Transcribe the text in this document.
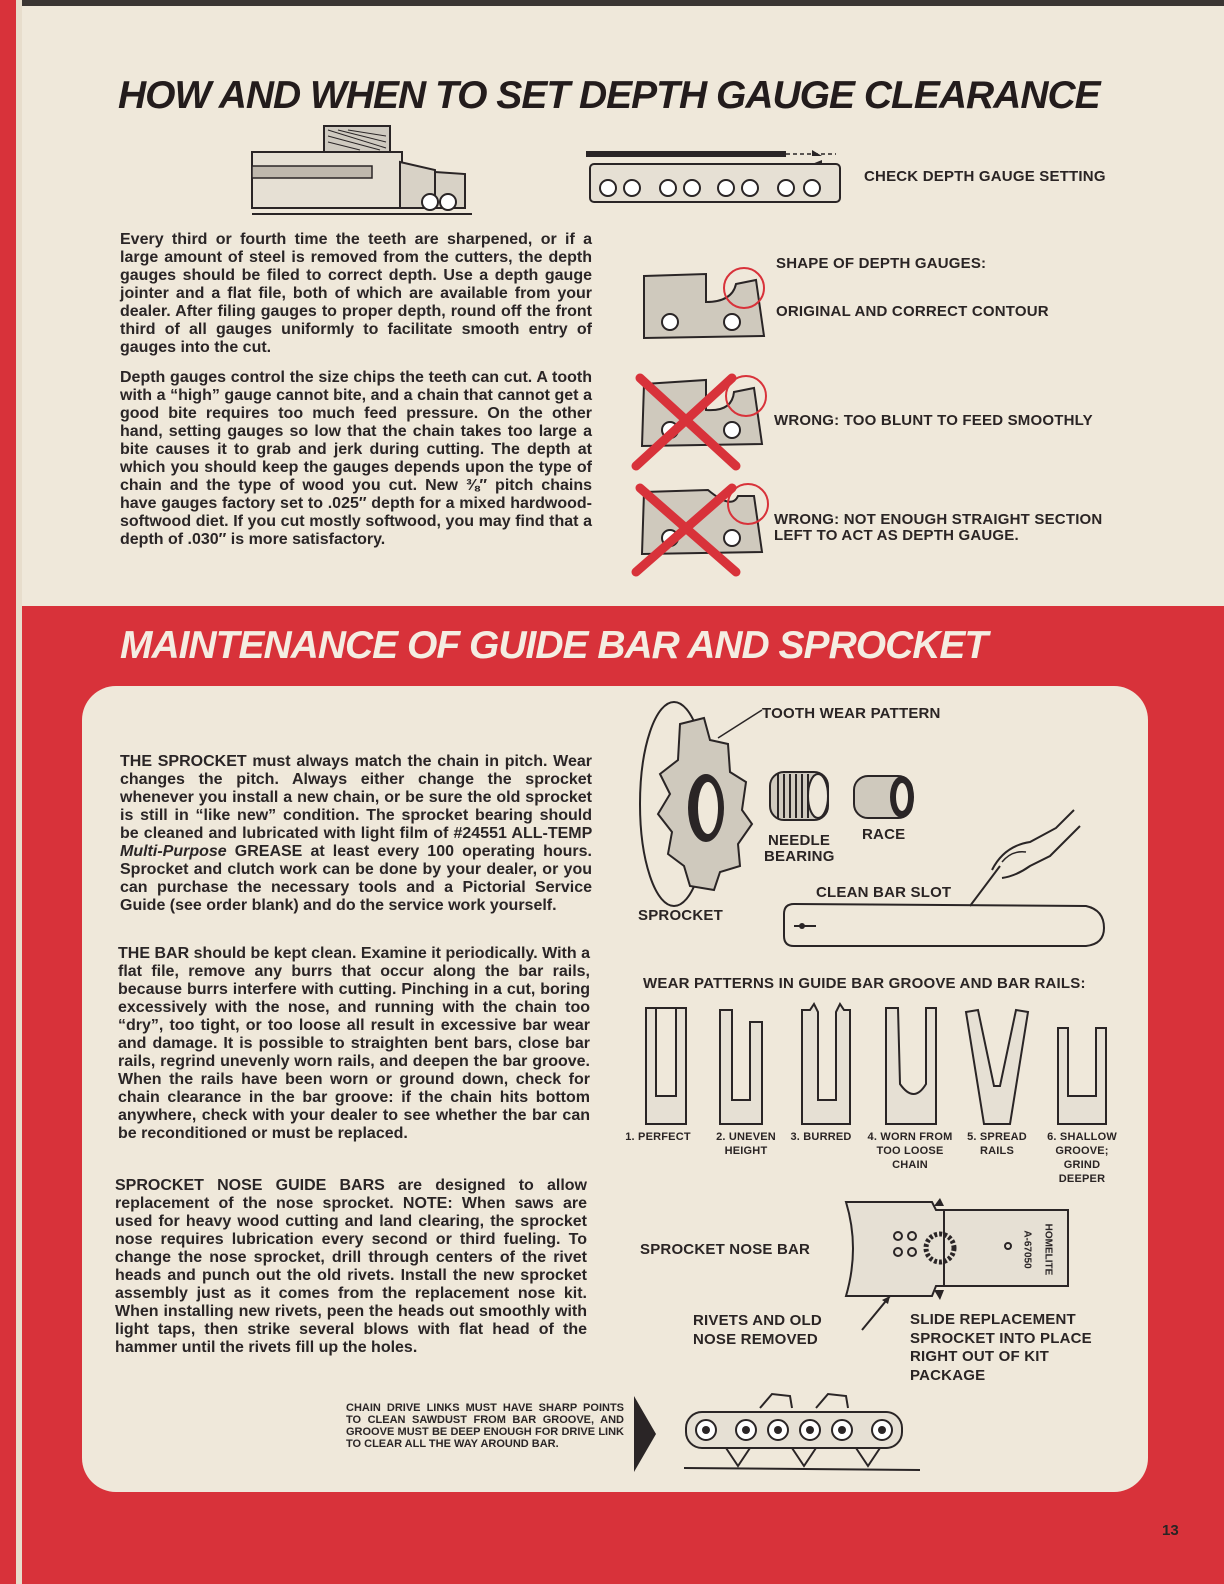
HOW AND WHEN TO SET DEPTH GAUGE CLEARANCE
CHECK DEPTH GAUGE SETTING
Every third or fourth time the teeth are sharpened, or if a large amount of steel is removed from the cutters, the depth gauges should be filed to correct depth. Use a depth gauge jointer and a flat file, both of which are available from your dealer. After filing gauges to proper depth, round off the front third of all gauges uniformly to facilitate smooth entry of gauges into the cut.
Depth gauges control the size chips the teeth can cut. A tooth with a “high” gauge cannot bite, and a chain that cannot get a good bite requires too much feed pressure. On the other hand, setting gauges so low that the chain takes too large a bite causes it to grab and jerk during cutting. The depth at which you should keep the gauges depends upon the type of chain and the type of wood you cut. New ⅜″ pitch chains have gauges factory set to .025″ depth for a mixed hardwood-softwood diet. If you cut mostly softwood, you may find that a depth of .030″ is more satisfactory.
SHAPE OF DEPTH GAUGES:
ORIGINAL AND CORRECT CONTOUR
WRONG: TOO BLUNT TO FEED SMOOTHLY
WRONG: NOT ENOUGH STRAIGHT SECTION
LEFT TO ACT AS DEPTH GAUGE.
MAINTENANCE OF GUIDE BAR AND SPROCKET
THE SPROCKET must always match the chain in pitch. Wear changes the pitch. Always either change the sprocket whenever you install a new chain, or be sure the old sprocket is still in “like new” condition. The sprocket bearing should be cleaned and lubricated with light film of #24551 ALL-TEMP Multi-Purpose GREASE at least every 100 operating hours. Sprocket and clutch work can be done by your dealer, or you can purchase the necessary tools and a Pictorial Service Guide (see order blank) and do the service work yourself.
THE BAR should be kept clean. Examine it periodically. With a flat file, remove any burrs that occur along the bar rails, because burrs interfere with cutting. Pinching in a cut, boring excessively with the nose, and running with the chain too “dry”, too tight, or too loose all result in excessive bar wear and damage. It is possible to straighten bent bars, close bar rails, regrind unevenly worn rails, and deepen the bar groove. When the rails have been worn or ground down, check for chain clearance in the bar groove: if the chain hits bottom anywhere, check with your dealer to see whether the bar can be reconditioned or must be replaced.
SPROCKET NOSE GUIDE BARS are designed to allow replacement of the nose sprocket. NOTE: When saws are used for heavy wood cutting and land clearing, the sprocket nose requires lubrication every second or third fueling. To change the nose sprocket, drill through centers of the rivet heads and punch out the old rivets. Install the new sprocket assembly just as it comes from the replacement nose kit. When installing new rivets, peen the heads out smoothly with light taps, then strike several blows with flat head of the hammer until the rivets fill up the holes.
TOOTH WEAR PATTERN
NEEDLE
BEARING
RACE
CLEAN BAR SLOT
SPROCKET
WEAR PATTERNS IN GUIDE BAR GROOVE AND BAR RAILS:
1. PERFECT	2. UNEVEN
HEIGHT
3. BURRED	4. WORN FROM
TOO LOOSE
CHAIN
5. SPREAD
RAILS
6. SHALLOW
GROOVE;
GRIND
DEEPER
SPROCKET NOSE BAR	HOMELITE
A-67050
RIVETS AND OLD
NOSE REMOVED
SLIDE REPLACEMENT
SPROCKET INTO PLACE
RIGHT OUT OF KIT
PACKAGE
CHAIN DRIVE LINKS MUST HAVE SHARP POINTS TO CLEAN SAWDUST FROM BAR GROOVE, AND GROOVE MUST BE DEEP ENOUGH FOR DRIVE LINK TO CLEAR ALL THE WAY AROUND BAR.
13
